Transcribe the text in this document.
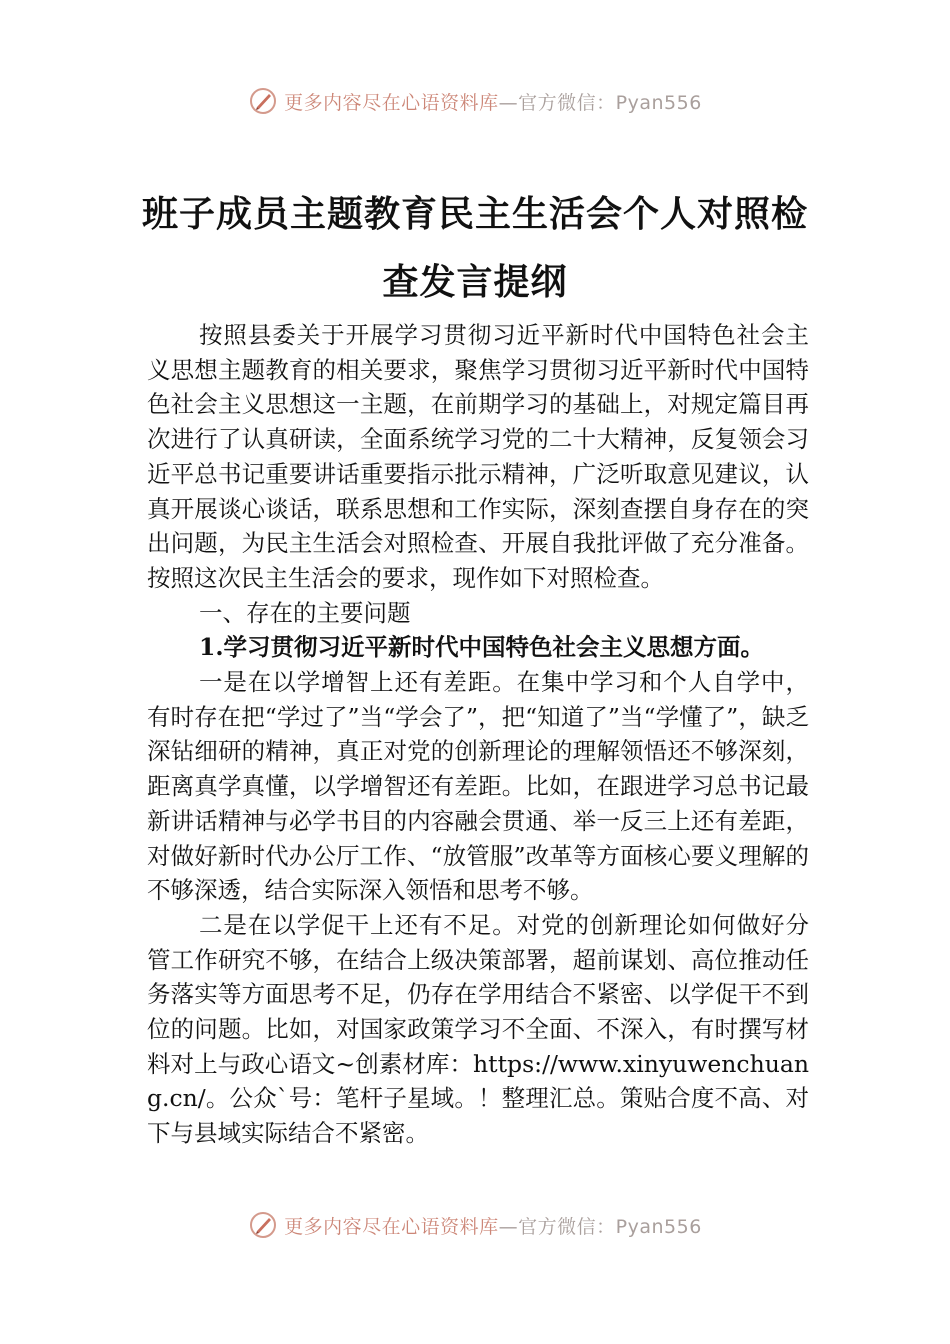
更多内容尽在心语资料库—官方微信：Pyan556
班子成员主题教育民主生活会个人对照检
查发言提纲

按照县委关于开展学习贯彻习近平新时代中国特色社会主义思想主题教育的相关要求，聚焦学习贯彻习近平新时代中国特色社会主义思想这一主题，在前期学习的基础上，对规定篇目再次进行了认真研读，全面系统学习党的二十大精神，反复领会习近平总书记重要讲话重要指示批示精神，广泛听取意见建议，认真开展谈心谈话，联系思想和工作实际，深刻查摆自身存在的突出问题，为民主生活会对照检查、开展自我批评做了充分准备。按照这次民主生活会的要求，现作如下对照检查。

一、存在的主要问题

1.学习贯彻习近平新时代中国特色社会主义思想方面。

一是在以学增智上还有差距。在集中学习和个人自学中，有时存在把“学过了”当“学会了”，把“知道了”当“学懂了”，缺乏深钻细研的精神，真正对党的创新理论的理解领悟还不够深刻，距离真学真懂，以学增智还有差距。比如，在跟进学习总书记最新讲话精神与必学书目的内容融会贯通、举一反三上还有差距，对做好新时代办公厅工作、“放管服”改革等方面核心要义理解的不够深透，结合实际深入领悟和思考不够。

二是在以学促干上还有不足。对党的创新理论如何做好分管工作研究不够，在结合上级决策部署，超前谋划、高位推动任务落实等方面思考不足，仍存在学用结合不紧密、以学促干不到位的问题。比如，对国家政策学习不全面、不深入，有时撰写材料对上与政心语文~创素材库：https://www.xinyuwenchuang.cn/。公众`号：笔杆子星域。！整理汇总。策贴合度不高、对下与县域实际结合不紧密。

更多内容尽在心语资料库—官方微信：Pyan556
